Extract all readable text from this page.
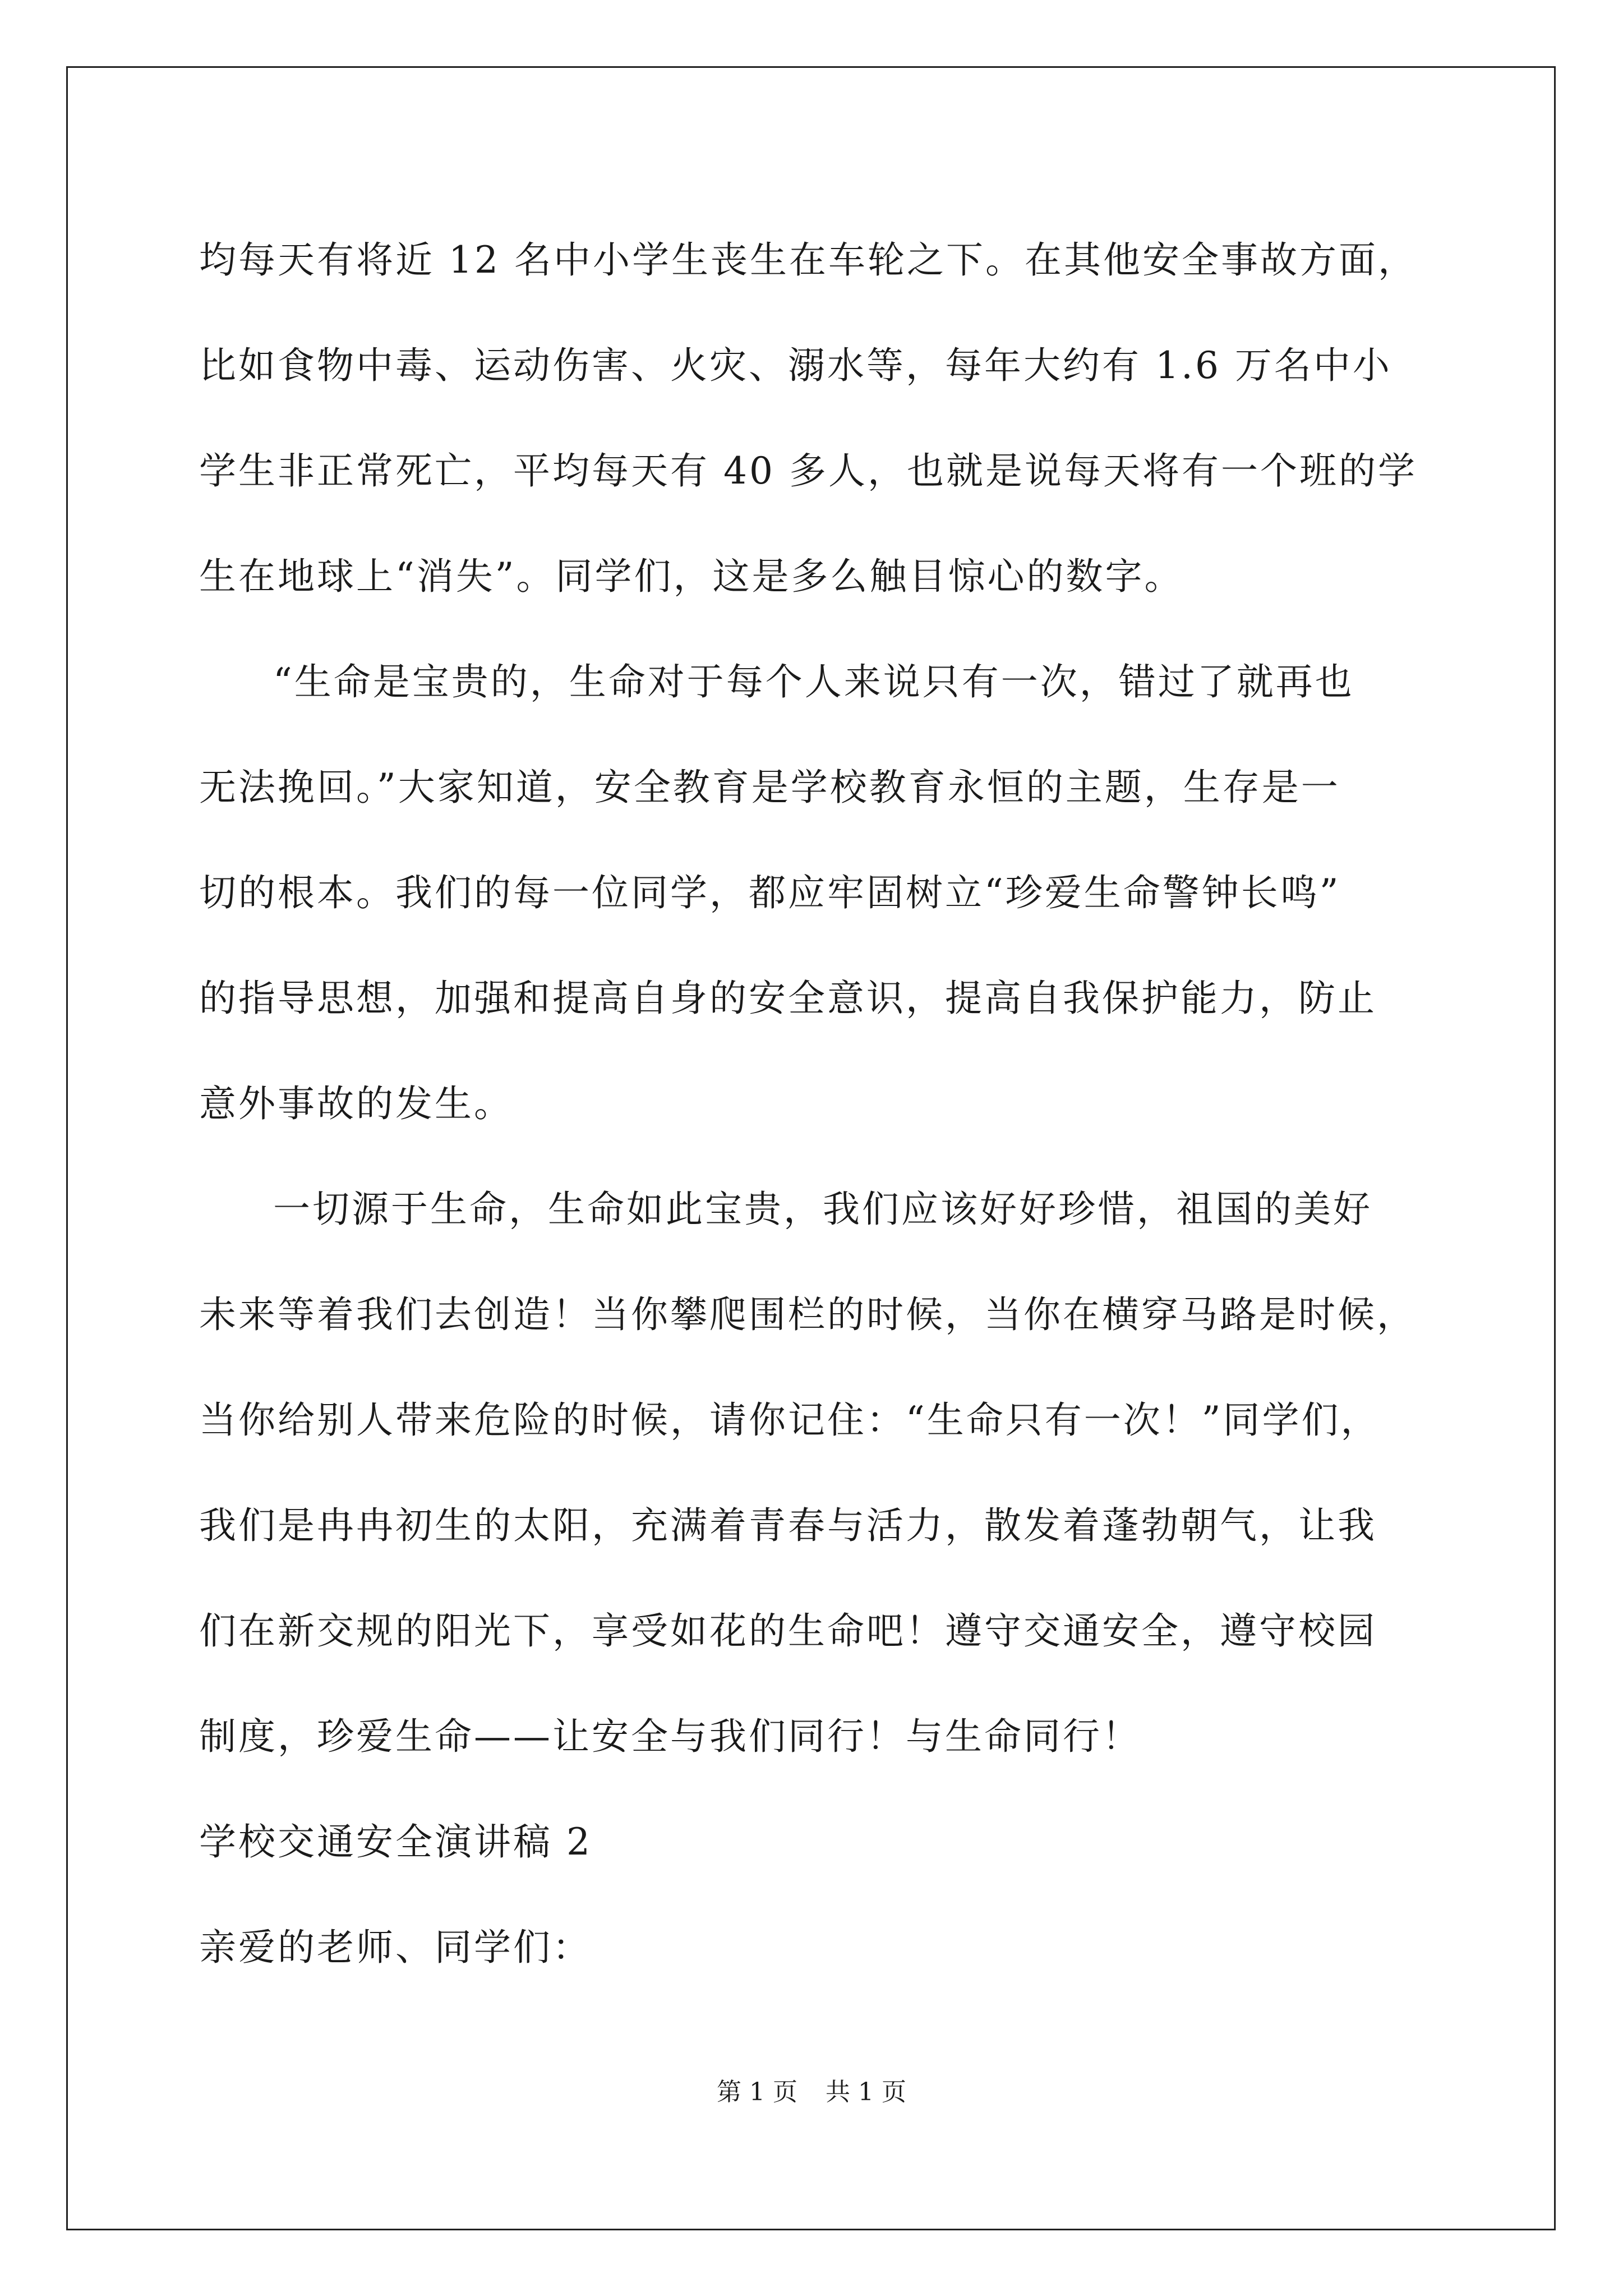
均每天有将近 12 名中小学生丧生在车轮之下。在其他安全事故方面，
比如食物中毒、运动伤害、火灾、溺水等，每年大约有 1.6 万名中小
学生非正常死亡，平均每天有 40 多人，也就是说每天将有一个班的学
生在地球上“消失”。同学们，这是多么触目惊心的数字。
“生命是宝贵的，生命对于每个人来说只有一次，错过了就再也
无法挽回。”大家知道，安全教育是学校教育永恒的主题，生存是一
切的根本。我们的每一位同学，都应牢固树立“珍爱生命警钟长鸣”
的指导思想，加强和提高自身的安全意识，提高自我保护能力，防止
意外事故的发生。
一切源于生命，生命如此宝贵，我们应该好好珍惜，祖国的美好
未来等着我们去创造！当你攀爬围栏的时候，当你在横穿马路是时候，
当你给别人带来危险的时候，请你记住：“生命只有一次！”同学们，
我们是冉冉初生的太阳，充满着青春与活力，散发着蓬勃朝气，让我
们在新交规的阳光下，享受如花的生命吧！遵守交通安全，遵守校园
制度，珍爱生命——让安全与我们同行！与生命同行！
学校交通安全演讲稿 2
亲爱的老师、同学们：
第 1 页 共 1 页
